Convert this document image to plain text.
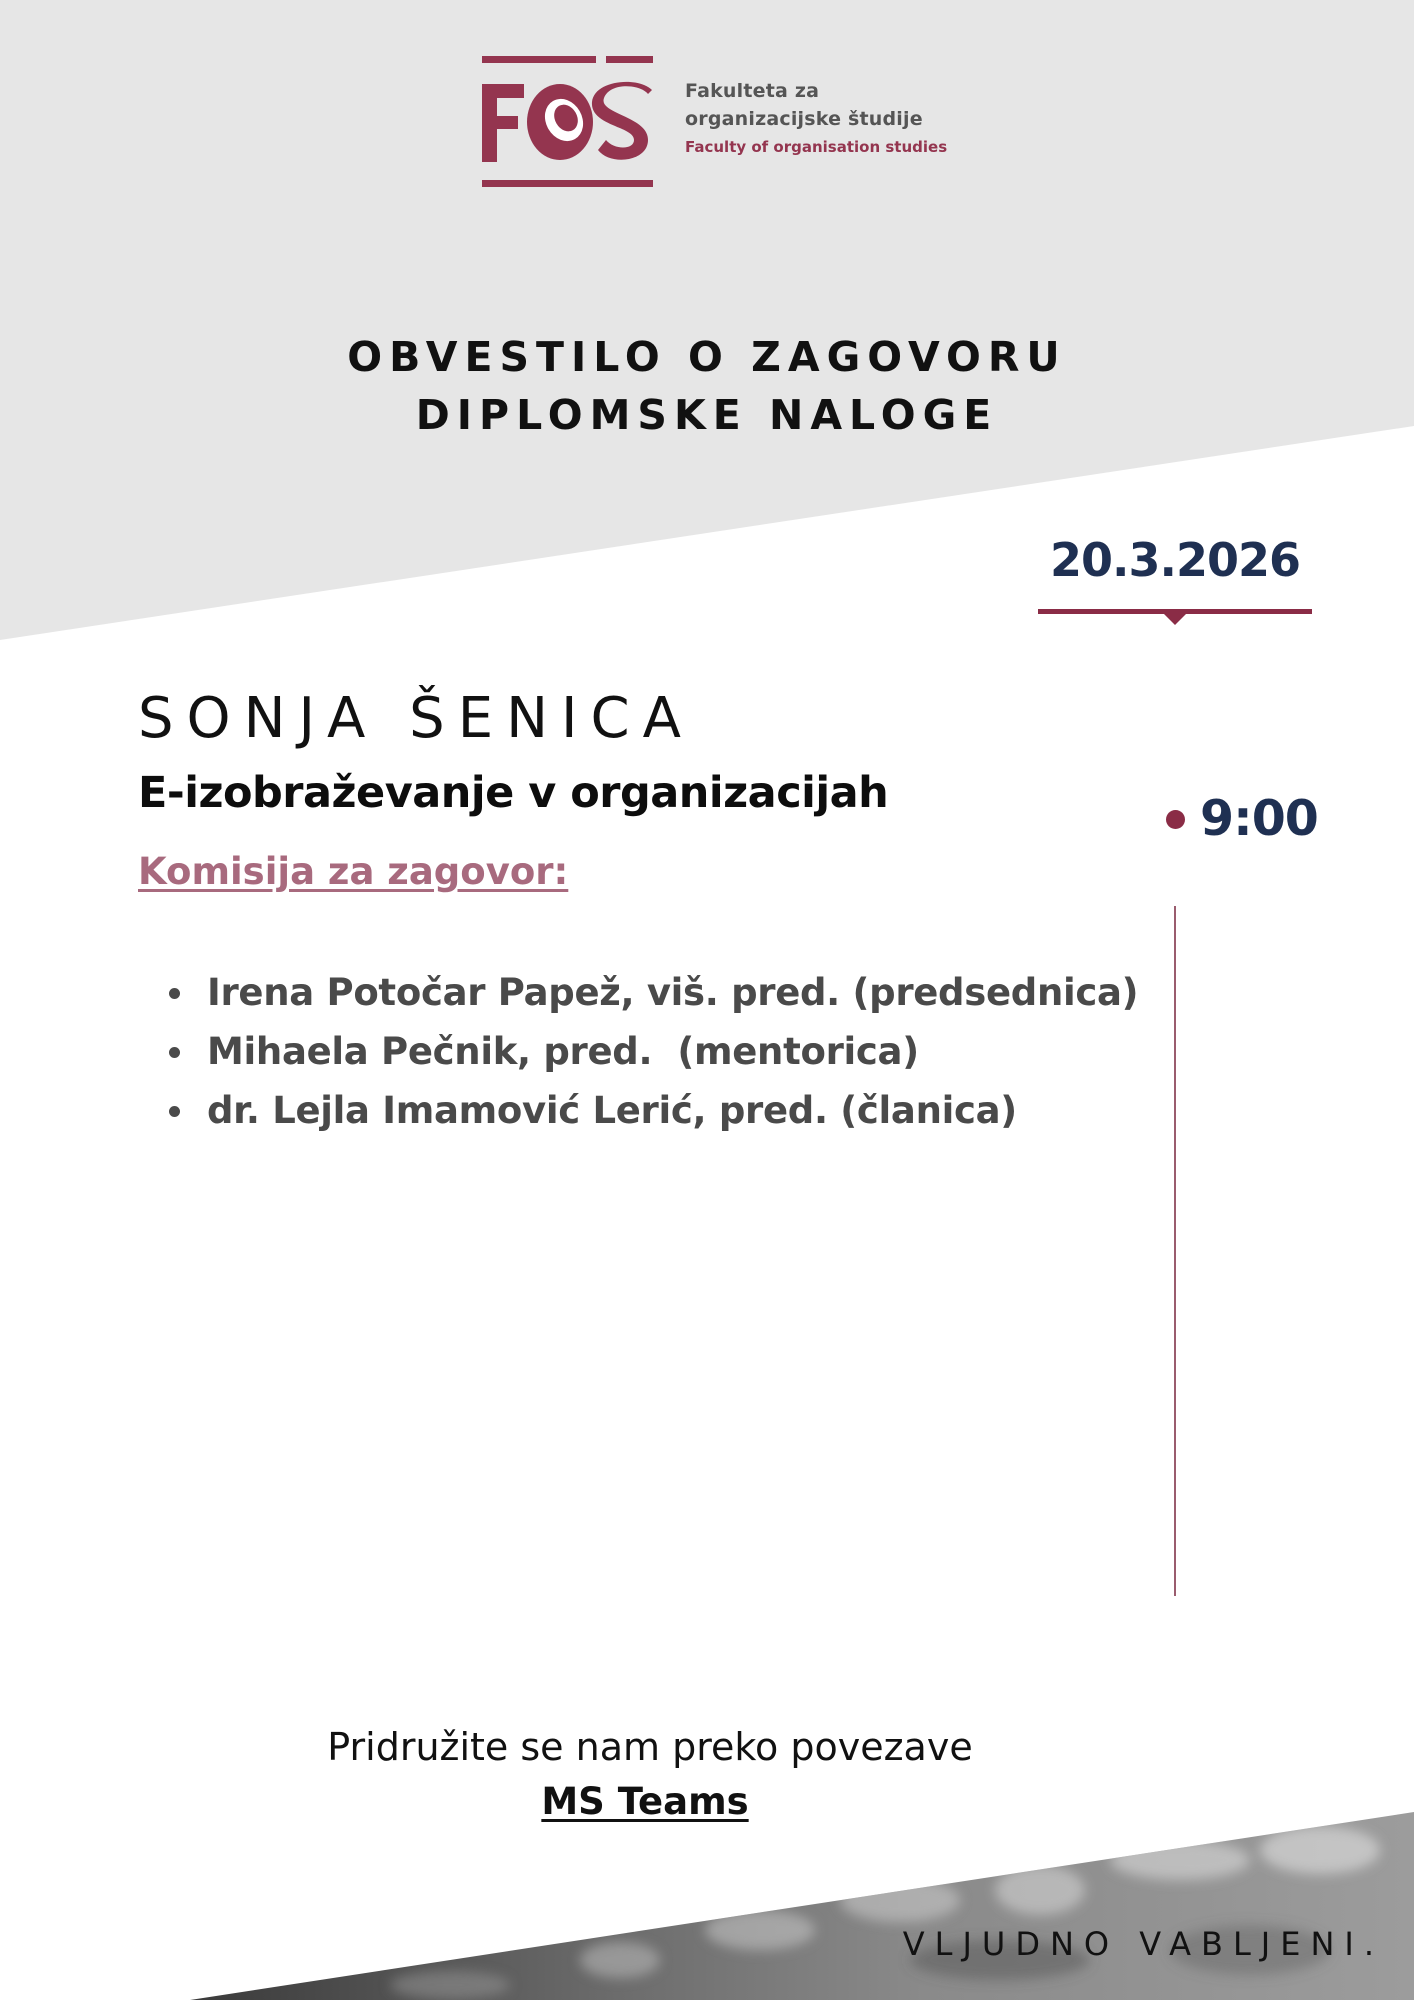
Fakulteta za
organizacijske študije
Faculty of organisation studies
OBVESTILO O ZAGOVORU
DIPLOMSKE NALOGE
20.3.2026
SONJA ŠENICA
E-izobraževanje v organizacijah
Komisija za zagovor:
Irena Potočar Papež, viš. pred. (predsednica)
Mihaela Pečnik, pred.  (mentorica)
dr. Lejla Imamović Lerić, pred. (članica)
9:00
Pridružite se nam preko povezave
MS Teams
VLJUDNO VABLJENI.
